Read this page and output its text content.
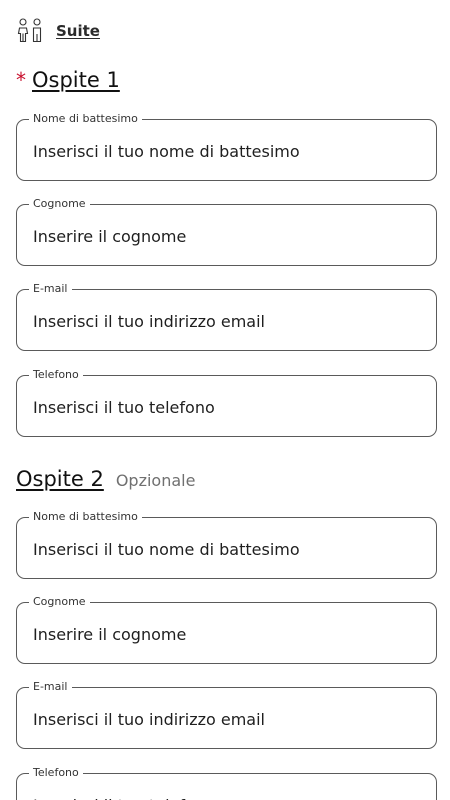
Suite
* Ospite 1
Nome di battesimo
Inserisci il tuo nome di battesimo
Cognome
Inserire il cognome
E-mail
Inserisci il tuo indirizzo email
Telefono
Inserisci il tuo telefono
Ospite 2 Opzionale
Nome di battesimo
Inserisci il tuo nome di battesimo
Cognome
Inserire il cognome
E-mail
Inserisci il tuo indirizzo email
Telefono
Inserisci il tuo telefono
